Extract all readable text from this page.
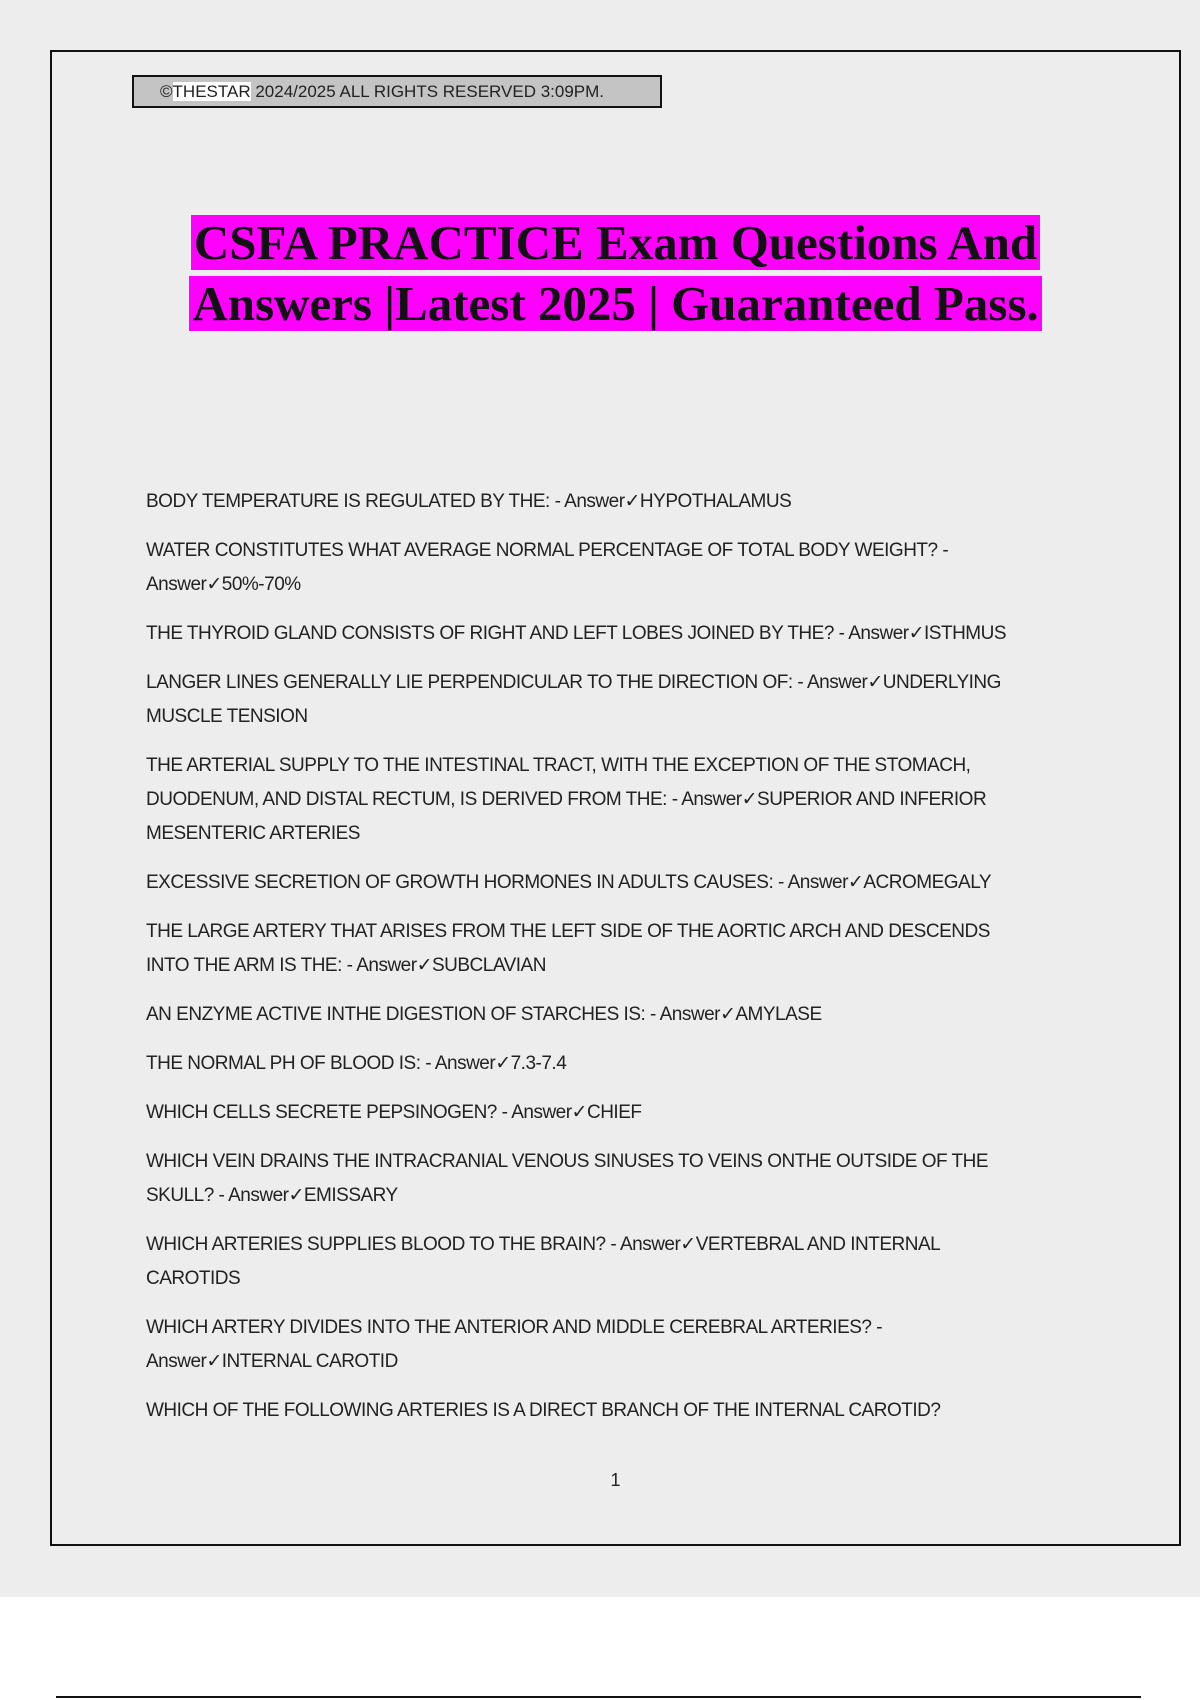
©THESTAR 2024/2025 ALL RIGHTS RESERVED 3:09PM.
CSFA PRACTICE Exam Questions And
Answers |Latest 2025 | Guaranteed Pass.
BODY TEMPERATURE IS REGULATED BY THE: - Answer✓HYPOTHALAMUS
WATER CONSTITUTES WHAT AVERAGE NORMAL PERCENTAGE OF TOTAL BODY WEIGHT? -
Answer✓50%-70%
THE THYROID GLAND CONSISTS OF RIGHT AND LEFT LOBES JOINED BY THE? - Answer✓ISTHMUS
LANGER LINES GENERALLY LIE PERPENDICULAR TO THE DIRECTION OF: - Answer✓UNDERLYING
MUSCLE TENSION
THE ARTERIAL SUPPLY TO THE INTESTINAL TRACT, WITH THE EXCEPTION OF THE STOMACH,
DUODENUM, AND DISTAL RECTUM, IS DERIVED FROM THE: - Answer✓SUPERIOR AND INFERIOR
MESENTERIC ARTERIES
EXCESSIVE SECRETION OF GROWTH HORMONES IN ADULTS CAUSES: - Answer✓ACROMEGALY
THE LARGE ARTERY THAT ARISES FROM THE LEFT SIDE OF THE AORTIC ARCH AND DESCENDS
INTO THE ARM IS THE: - Answer✓SUBCLAVIAN
AN ENZYME ACTIVE INTHE DIGESTION OF STARCHES IS: - Answer✓AMYLASE
THE NORMAL PH OF BLOOD IS: - Answer✓7.3-7.4
WHICH CELLS SECRETE PEPSINOGEN? - Answer✓CHIEF
WHICH VEIN DRAINS THE INTRACRANIAL VENOUS SINUSES TO VEINS ONTHE OUTSIDE OF THE
SKULL? - Answer✓EMISSARY
WHICH ARTERIES SUPPLIES BLOOD TO THE BRAIN? - Answer✓VERTEBRAL AND INTERNAL
CAROTIDS
WHICH ARTERY DIVIDES INTO THE ANTERIOR AND MIDDLE CEREBRAL ARTERIES? -
Answer✓INTERNAL CAROTID
WHICH OF THE FOLLOWING ARTERIES IS A DIRECT BRANCH OF THE INTERNAL CAROTID?
1
